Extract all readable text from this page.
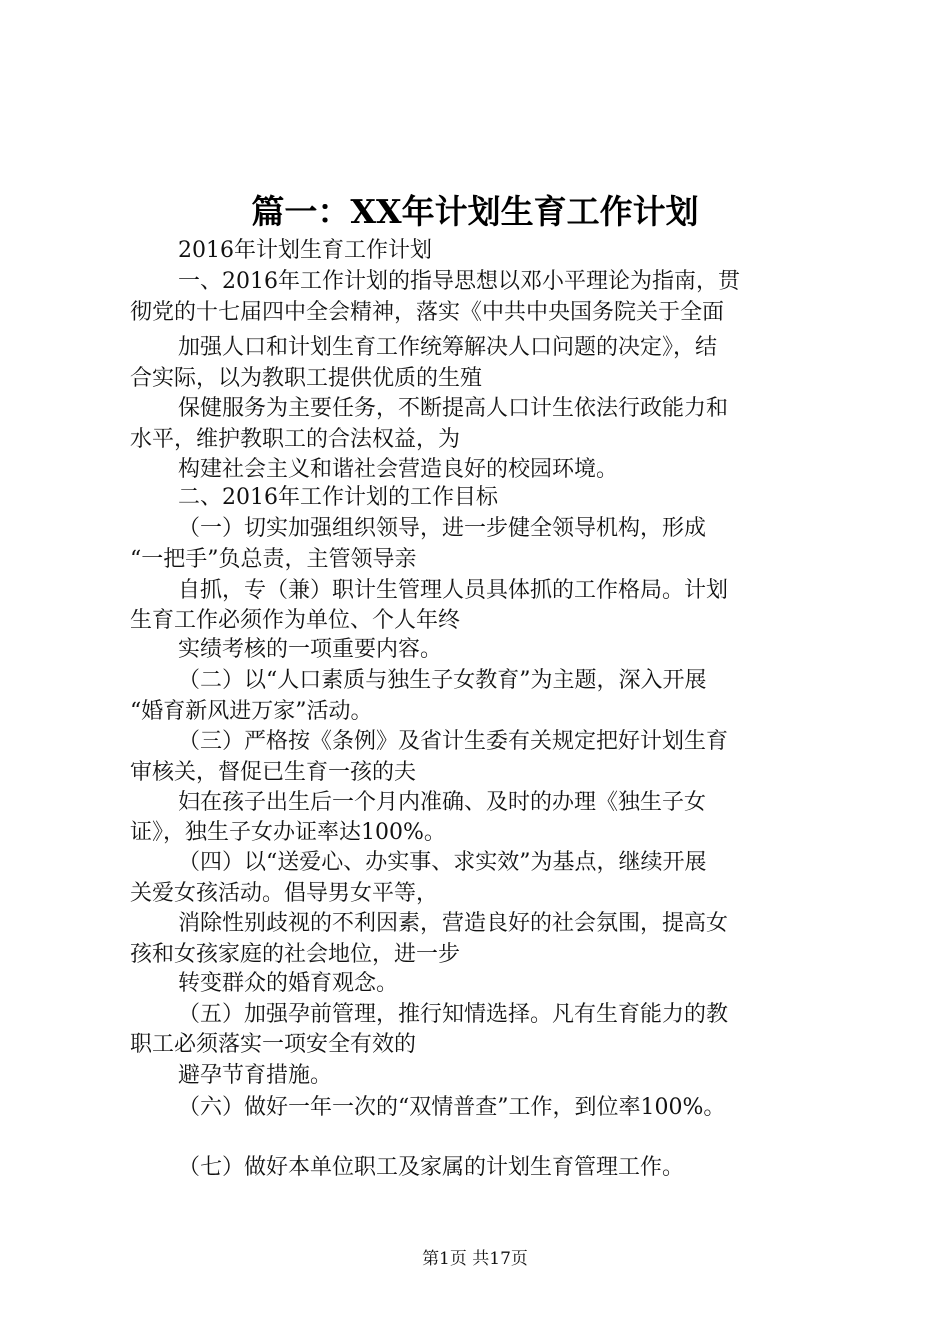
篇一：XX年计划生育工作计划
2016年计划生育工作计划
一、2016年工作计划的指导思想以邓小平理论为指南，贯
彻党的十七届四中全会精神，落实《中共中央国务院关于全面
加强人口和计划生育工作统筹解决人口问题的决定》，结
合实际，以为教职工提供优质的生殖
保健服务为主要任务，不断提高人口计生依法行政能力和
水平，维护教职工的合法权益，为
构建社会主义和谐社会营造良好的校园环境。
二、2016年工作计划的工作目标
（一）切实加强组织领导，进一步健全领导机构，形成
“一把手”负总责，主管领导亲
自抓，专（兼）职计生管理人员具体抓的工作格局。计划
生育工作必须作为单位、个人年终
实绩考核的一项重要内容。
（二）以“人口素质与独生子女教育”为主题，深入开展
“婚育新风进万家”活动。
（三）严格按《条例》及省计生委有关规定把好计划生育
审核关，督促已生育一孩的夫
妇在孩子出生后一个月内准确、及时的办理《独生子女
证》，独生子女办证率达100%。
（四）以“送爱心、办实事、求实效”为基点，继续开展
关爱女孩活动。倡导男女平等，
消除性别歧视的不利因素，营造良好的社会氛围，提高女
孩和女孩家庭的社会地位，进一步
转变群众的婚育观念。
（五）加强孕前管理，推行知情选择。凡有生育能力的教
职工必须落实一项安全有效的
避孕节育措施。
（六）做好一年一次的“双情普查”工作，到位率100%。
（七）做好本单位职工及家属的计划生育管理工作。
第1页 共17页
